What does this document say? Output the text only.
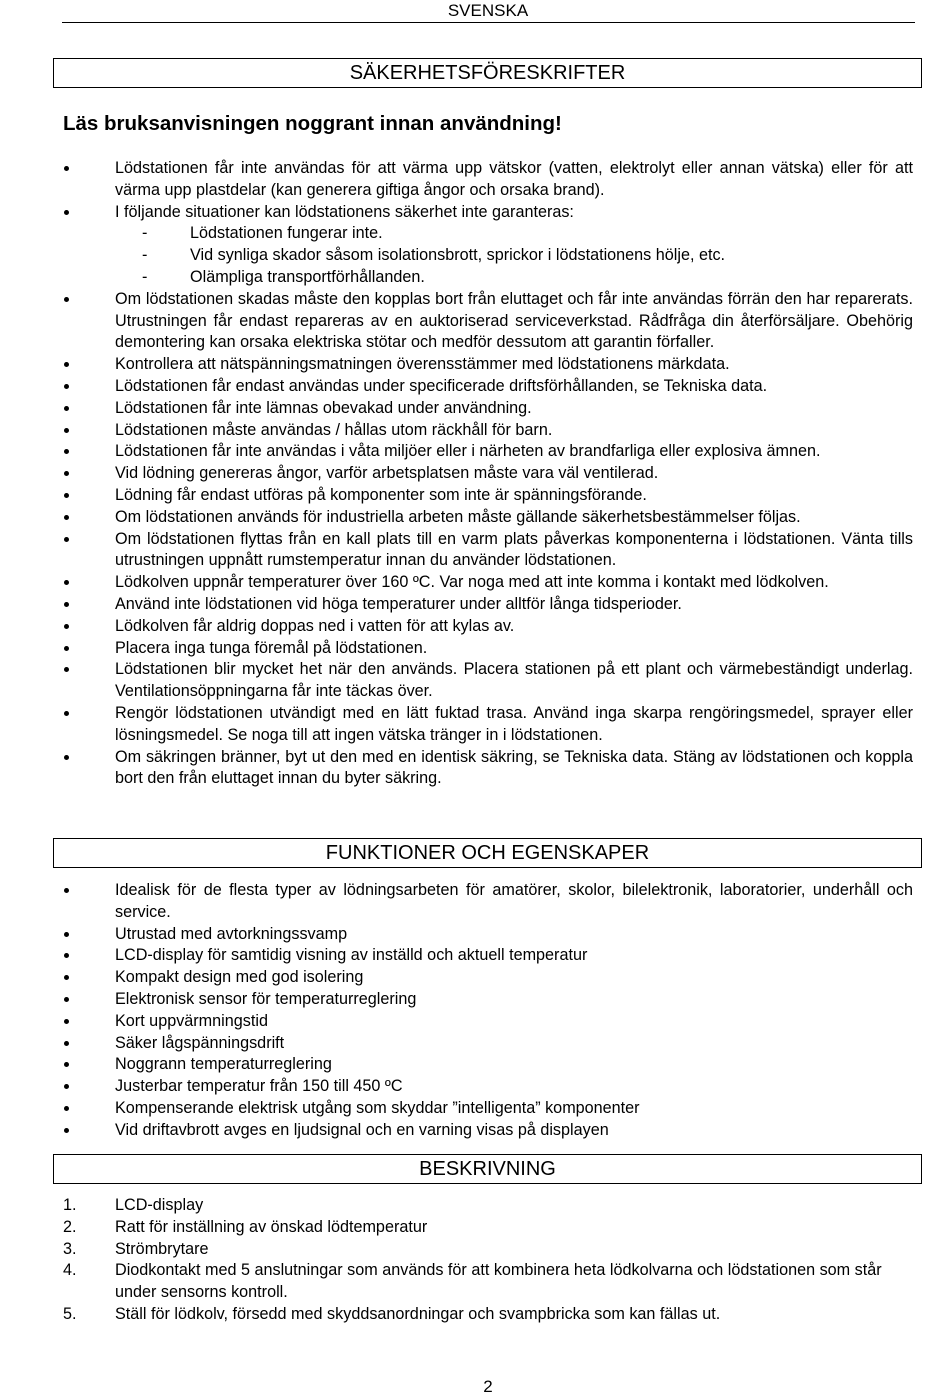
SVENSKA
SÄKERHETSFÖRESKRIFTER
Läs bruksanvisningen noggrant innan användning!
Lödstationen får inte användas för att värma upp vätskor (vatten, elektrolyt eller annan vätska) eller för att värma upp plastdelar (kan generera giftiga ångor och orsaka brand).
I följande situationer kan lödstationens säkerhet inte garanteras:
- Lödstationen fungerar inte.
- Vid synliga skador såsom isolationsbrott, sprickor i lödstationens hölje, etc.
- Olämpliga transportförhållanden.
Om lödstationen skadas måste den kopplas bort från eluttaget och får inte användas förrän den har reparerats. Utrustningen får endast repareras av en auktoriserad serviceverkstad. Rådfråga din återförsäljare. Obehörig demontering kan orsaka elektriska stötar och medför dessutom att garantin förfaller.
Kontrollera att nätspänningsmatningen överensstämmer med lödstationens märkdata.
Lödstationen får endast användas under specificerade driftsförhållanden, se Tekniska data.
Lödstationen får inte lämnas obevakad under användning.
Lödstationen måste användas / hållas utom räckhåll för barn.
Lödstationen får inte användas i våta miljöer eller i närheten av brandfarliga eller explosiva ämnen.
Vid lödning genereras ångor, varför arbetsplatsen måste vara väl ventilerad.
Lödning får endast utföras på komponenter som inte är spänningsförande.
Om lödstationen används för industriella arbeten måste gällande säkerhetsbestämmelser följas.
Om lödstationen flyttas från en kall plats till en varm plats påverkas komponenterna i lödstationen. Vänta tills utrustningen uppnått rumstemperatur innan du använder lödstationen.
Lödkolven uppnår temperaturer över 160 ºC. Var noga med att inte komma i kontakt med lödkolven.
Använd inte lödstationen vid höga temperaturer under alltför långa tidsperioder.
Lödkolven får aldrig doppas ned i vatten för att kylas av.
Placera inga tunga föremål på lödstationen.
Lödstationen blir mycket het när den används. Placera stationen på ett plant och värmebeständigt underlag. Ventilationsöppningarna får inte täckas över.
Rengör lödstationen utvändigt med en lätt fuktad trasa. Använd inga skarpa rengöringsmedel, sprayer eller lösningsmedel. Se noga till att ingen vätska tränger in i lödstationen.
Om säkringen bränner, byt ut den med en identisk säkring, se Tekniska data. Stäng av lödstationen och koppla bort den från eluttaget innan du byter säkring.
FUNKTIONER OCH EGENSKAPER
Idealisk för de flesta typer av lödningsarbeten för amatörer, skolor, bilelektronik, laboratorier, underhåll och service.
Utrustad med avtorkningssvamp
LCD-display för samtidig visning av inställd och aktuell temperatur
Kompakt design med god isolering
Elektronisk sensor för temperaturreglering
Kort uppvärmningstid
Säker lågspänningsdrift
Noggrann temperaturreglering
Justerbar temperatur från 150 till 450 ºC
Kompenserande elektrisk utgång som skyddar ”intelligenta” komponenter
Vid driftavbrott avges en ljudsignal och en varning visas på displayen
BESKRIVNING
1. LCD-display
2. Ratt för inställning av önskad lödtemperatur
3. Strömbrytare
4. Diodkontakt med 5 anslutningar som används för att kombinera heta lödkolvarna och lödstationen som står under sensorns kontroll.
5. Ställ för lödkolv, försedd med skyddsanordningar och svampbricka som kan fällas ut.
2
